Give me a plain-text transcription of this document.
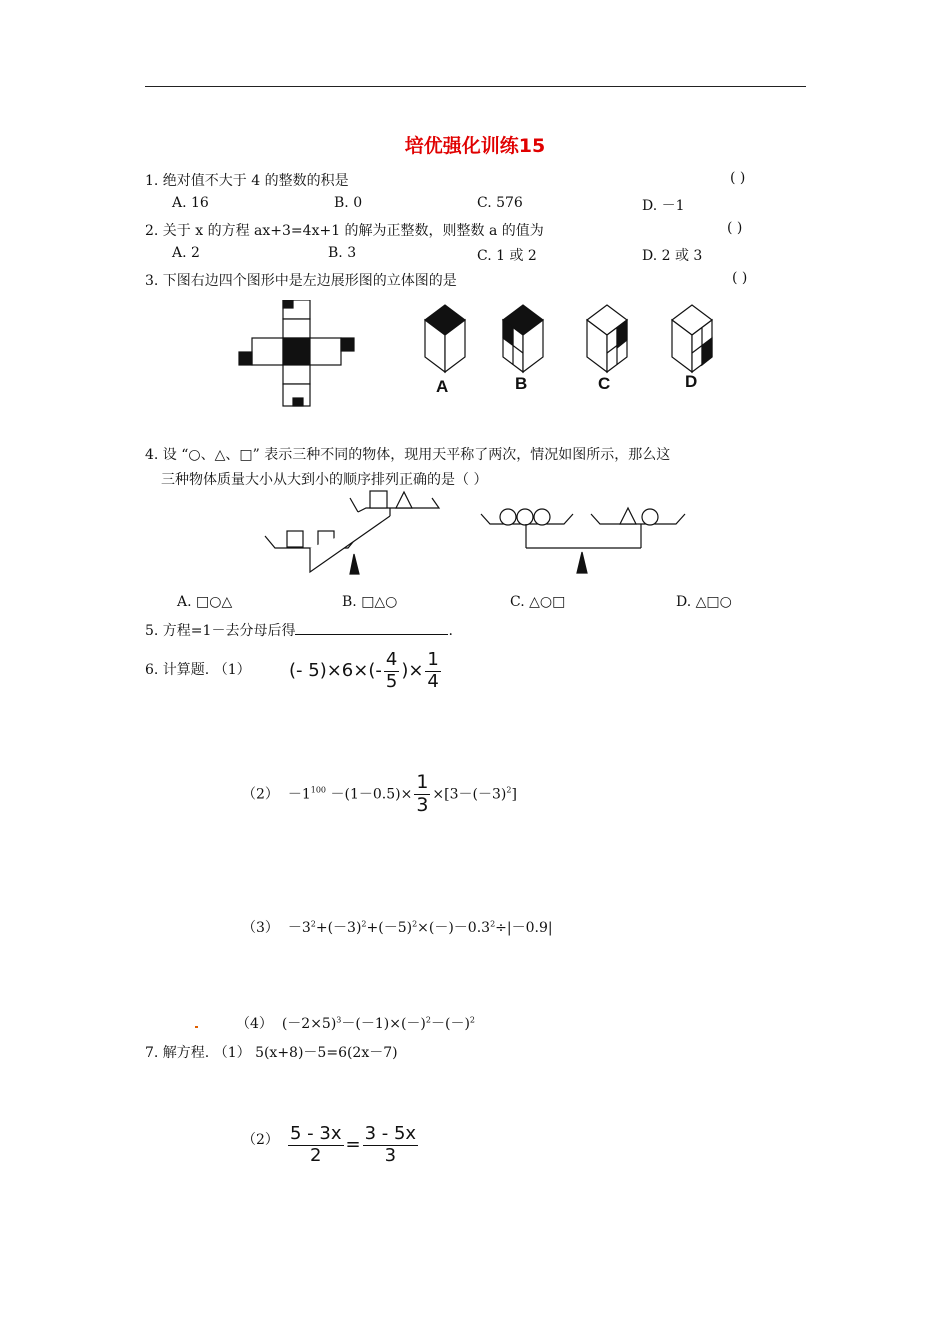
培优强化训练15
1. 绝对值不大于 4 的整数的积是	( )
A. 16	B. 0	C. 576	D. －1
2. 关于 x 的方程 ax+3=4x+1 的解为正整数，则整数 a 的值为	( )
A. 2	B. 3	C. 1 或 2	D. 2 或 3
3. 下图右边四个图形中是左边展形图的立体图的是	( )
A	B	C	D
4. 设 “○、△、□” 表示三种不同的物体，现用天平称了两次，情况如图所示，那么这
三种物体质量大小从大到小的顺序排列正确的是（ ）
A. □○△	B. □△○	C. △○□	D. △□○
5. 方程=1－去分母后得	.
6. 计算题. （1） (- $5)\times 6\times(- \frac{4}{5}$ )× $\frac{1}{4}$
$(2) -1^{100} -(1-0.5)\times \frac{1}{3} \times[3-(-3)^2]$
$(3) -3^2+(-3)^2+(-5)^2\times(-)-0.3^2\div|-0.9|$
（4） $(-2\times 5)^3-(-1)\times(-)^2-(-)^2$
7. 解方程. （1） 5(x+8)－5=6(2x－7)
$(2) \frac{5 - 3x}{2} = \frac{3 - 5x}{3}$
